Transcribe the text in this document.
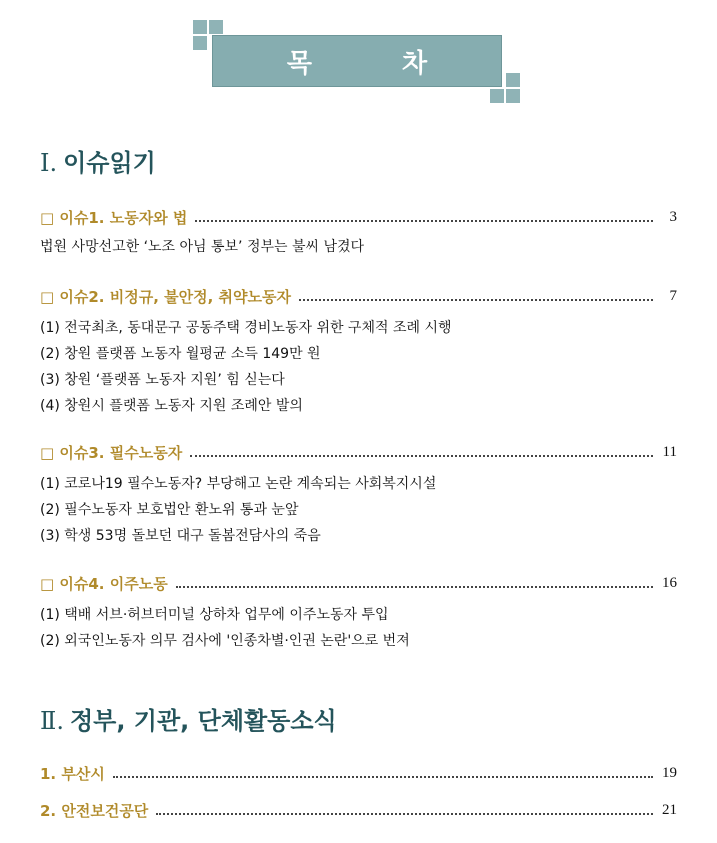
목	차
Ⅰ. 이슈읽기
□ 이슈1. 노동자와 법	3
법원 사망선고한 ‘노조 아님 통보’ 정부는 불씨 남겼다
□ 이슈2. 비정규, 불안정, 취약노동자	7
(1) 전국최초, 동대문구 공동주택 경비노동자 위한 구체적 조례 시행
(2) 창원 플랫폼 노동자 월평균 소득 149만 원
(3) 창원 ‘플랫폼 노동자 지원’ 힘 싣는다
(4) 창원시 플랫폼 노동자 지원 조례안 발의
□ 이슈3. 필수노동자	11
(1) 코로나19 필수노동자? 부당해고 논란 계속되는 사회복지시설
(2) 필수노동자 보호법안 환노위 통과 눈앞
(3) 학생 53명 돌보던 대구 돌봄전담사의 죽음
□ 이슈4. 이주노동	16
(1) 택배 서브·허브터미널 상하차 업무에 이주노동자 투입
(2) 외국인노동자 의무 검사에 '인종차별·인권 논란'으로 번져
Ⅱ. 정부, 기관, 단체활동소식
1. 부산시	19
2. 안전보건공단	21
